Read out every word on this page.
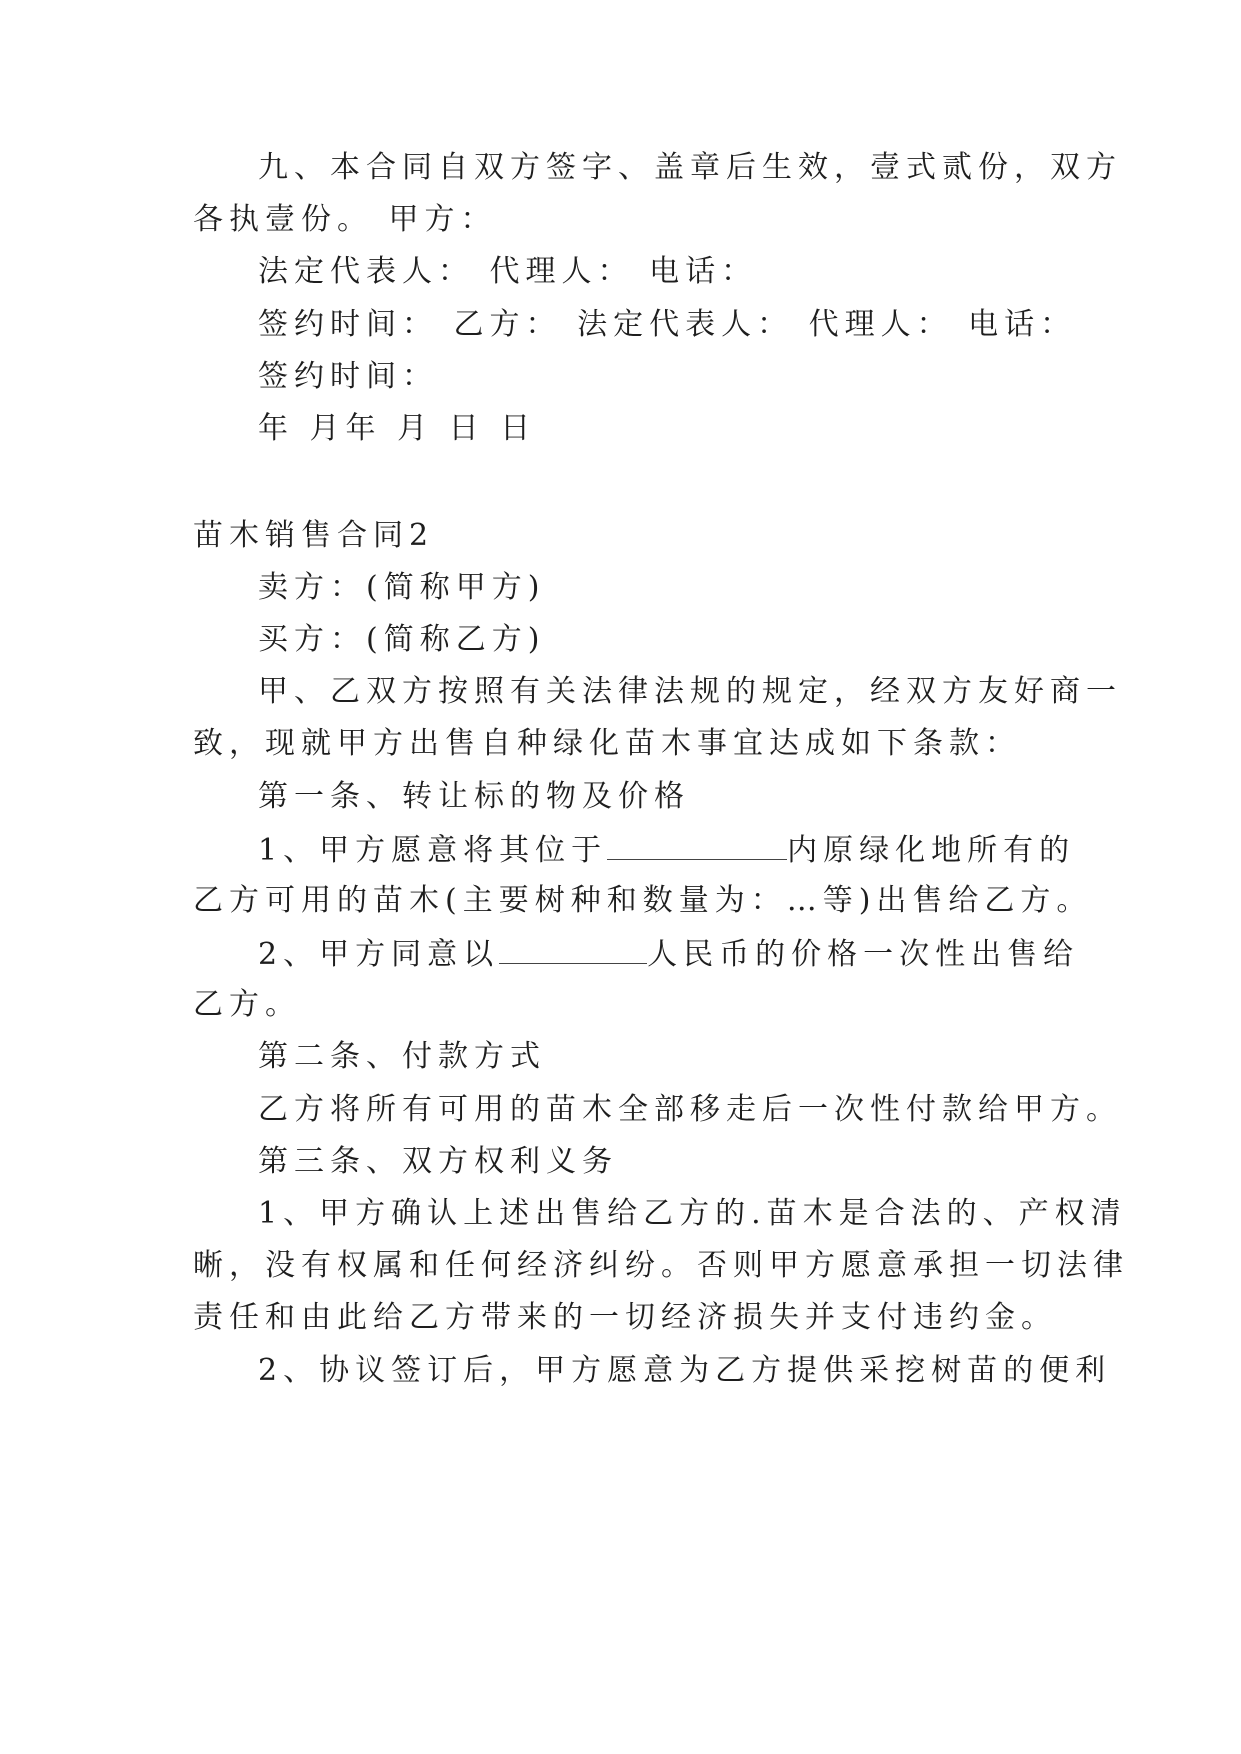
九、本合同自双方签字、盖章后生效，壹式贰份，双方
各执壹份。 甲方：
法定代表人： 代理人： 电话：
签约时间： 乙方： 法定代表人： 代理人： 电话：
签约时间：
年 月年 月 日 日
苗木销售合同2
卖方：(简称甲方)
买方：(简称乙方)
甲、乙双方按照有关法律法规的规定，经双方友好商一
致，现就甲方出售自种绿化苗木事宜达成如下条款：
第一条、转让标的物及价格
1、甲方愿意将其位于	内原绿化地所有的
乙方可用的苗木(主要树种和数量为：…等)出售给乙方。
2、甲方同意以	人民币的价格一次性出售给
乙方。
第二条、付款方式
乙方将所有可用的苗木全部移走后一次性付款给甲方。
第三条、双方权利义务
1、甲方确认上述出售给乙方的.苗木是合法的、产权清
晰，没有权属和任何经济纠纷。否则甲方愿意承担一切法律
责任和由此给乙方带来的一切经济损失并支付违约金。
2、协议签订后，甲方愿意为乙方提供采挖树苗的便利
